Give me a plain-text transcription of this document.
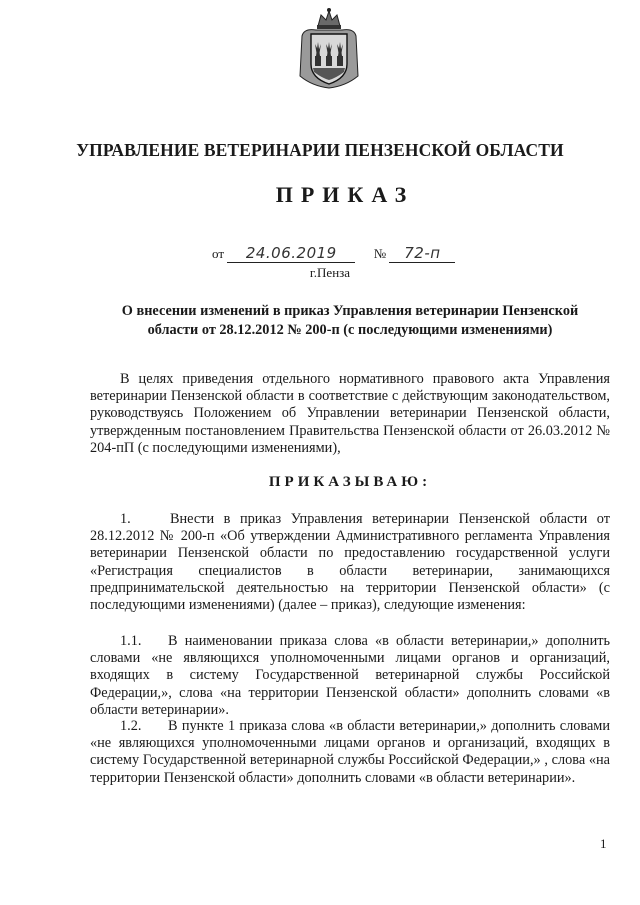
УПРАВЛЕНИЕ ВЕТЕРИНАРИИ ПЕНЗЕНСКОЙ ОБЛАСТИ
ПРИКАЗ
от 24.06.2019	№ 72-п
г.Пенза
О внесении изменений в приказ Управления ветеринарии Пензенской области от 28.12.2012 № 200-п (с последующими изменениями)
В целях приведения отдельного нормативного правового акта Управления ветеринарии Пензенской области в соответствие с действующим законодательством, руководствуясь Положением об Управлении ветеринарии Пензенской области, утвержденным постановлением Правительства Пензенской области от 26.03.2012 № 204-пП (с последующими изменениями),
ПРИКАЗЫВАЮ:
1.	Внести в приказ Управления ветеринарии Пензенской области от 28.12.2012 № 200-п «Об утверждении Административного регламента Управления ветеринарии Пензенской области по предоставлению государственной услуги «Регистрация специалистов в области ветеринарии, занимающихся предпринимательской деятельностью на территории Пензенской области» (с последующими изменениями) (далее – приказ), следующие изменения:
1.1. В наименовании приказа слова «в области ветеринарии,» дополнить словами «не являющихся уполномоченными лицами органов и организаций, входящих в систему Государственной ветеринарной службы Российской Федерации,», слова «на территории Пензенской области» дополнить словами «в области ветеринарии».
1.2. В пункте 1 приказа слова «в области ветеринарии,» дополнить словами «не являющихся уполномоченными лицами органов и организаций, входящих в систему Государственной ветеринарной службы Российской Федерации,» , слова «на территории Пензенской области» дополнить словами «в области ветеринарии».
1
